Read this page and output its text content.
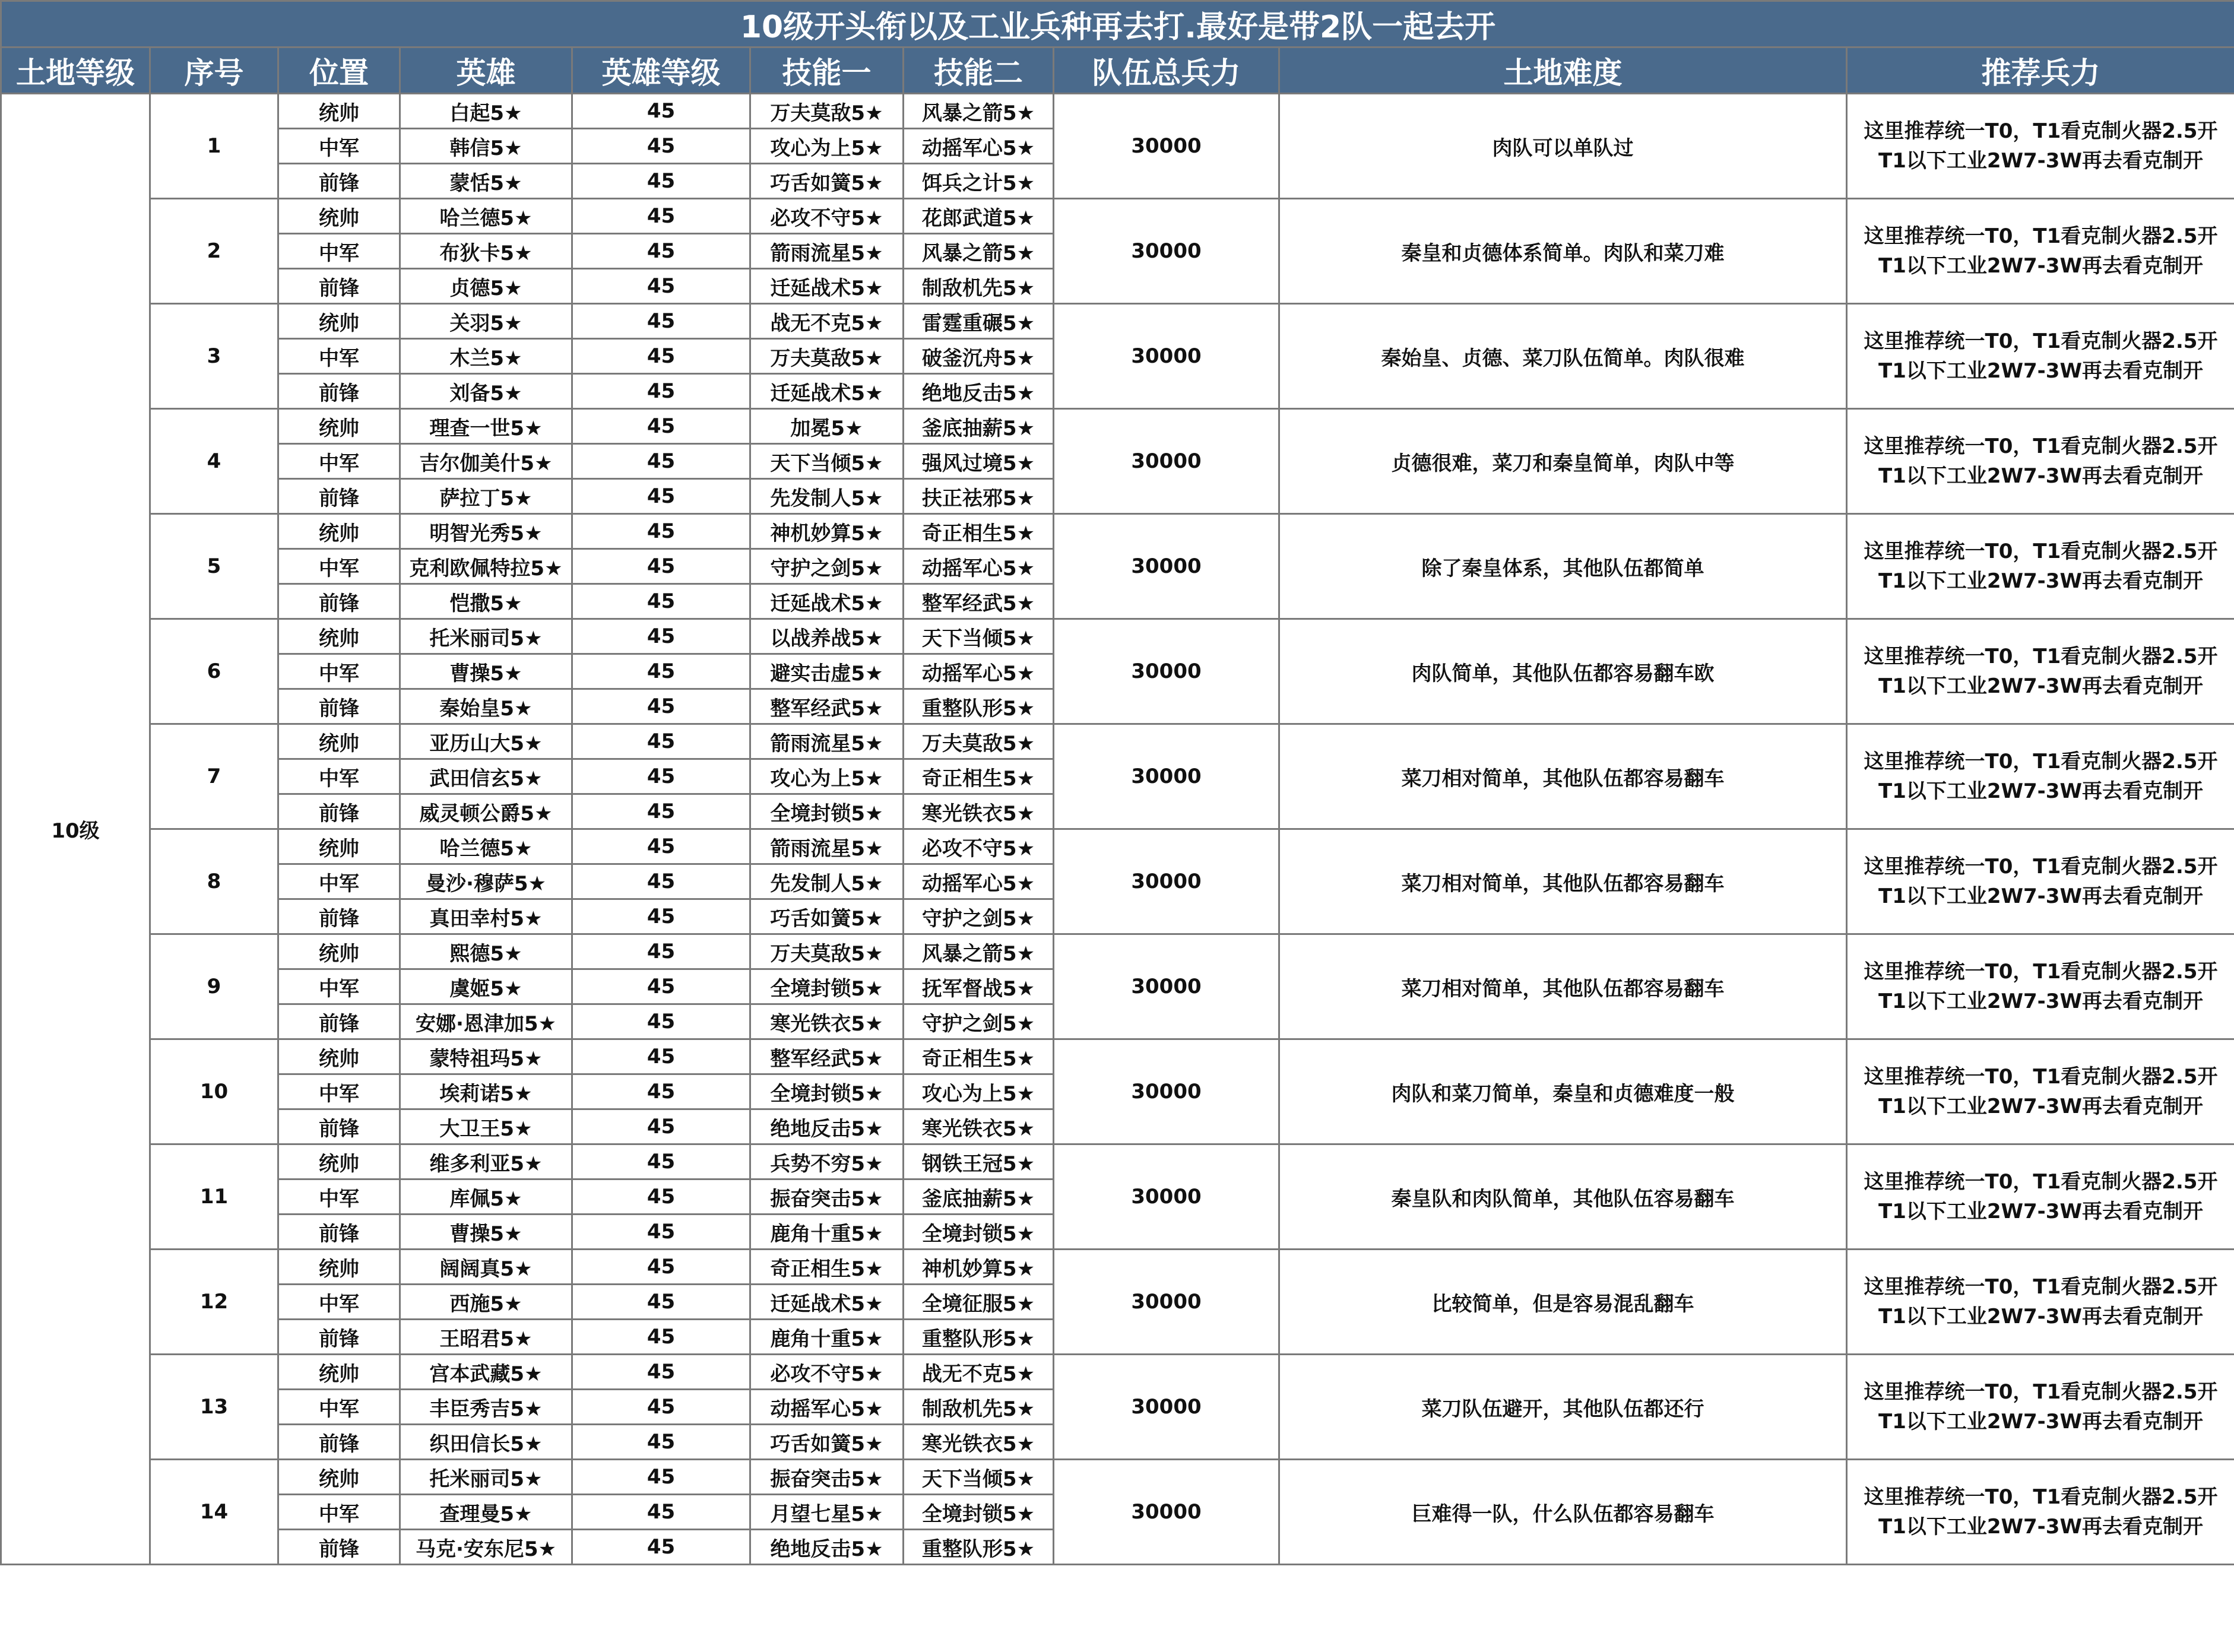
10级开头衔以及工业兵种再去打.最好是带2队一起去开									
土地等级	序号	位置	英雄	英雄等级	技能一	技能二	队伍总兵力	土地难度	推荐兵力
10级	1	统帅	白起5★	45	万夫莫敌5★	风暴之箭5★	30000	肉队可以单队过	这里推荐统一T0，T1看克制火器2.5开
T1以下工业2W7-3W再去看克制开

		中军	韩信5★	45	攻心为上5★	动摇军心5★			
		前锋	蒙恬5★	45	巧舌如簧5★	饵兵之计5★			
	2	统帅	哈兰德5★	45	必攻不守5★	花郎武道5★	30000	秦皇和贞德体系简单。肉队和菜刀难	这里推荐统一T0，T1看克制火器2.5开
T1以下工业2W7-3W再去看克制开

		中军	布狄卡5★	45	箭雨流星5★	风暴之箭5★			
		前锋	贞德5★	45	迁延战术5★	制敌机先5★			
	3	统帅	关羽5★	45	战无不克5★	雷霆重碾5★	30000	秦始皇、贞德、菜刀队伍简单。肉队很难	这里推荐统一T0，T1看克制火器2.5开
T1以下工业2W7-3W再去看克制开

		中军	木兰5★	45	万夫莫敌5★	破釜沉舟5★			
		前锋	刘备5★	45	迁延战术5★	绝地反击5★			
	4	统帅	理查一世5★	45	加冕5★	釜底抽薪5★	30000	贞德很难，菜刀和秦皇简单，肉队中等	这里推荐统一T0，T1看克制火器2.5开
T1以下工业2W7-3W再去看克制开

		中军	吉尔伽美什5★	45	天下当倾5★	强风过境5★			
		前锋	萨拉丁5★	45	先发制人5★	扶正祛邪5★			
	5	统帅	明智光秀5★	45	神机妙算5★	奇正相生5★	30000	除了秦皇体系，其他队伍都简单	这里推荐统一T0，T1看克制火器2.5开
T1以下工业2W7-3W再去看克制开

		中军	克利欧佩特拉5★	45	守护之剑5★	动摇军心5★			
		前锋	恺撒5★	45	迁延战术5★	整军经武5★			
	6	统帅	托米丽司5★	45	以战养战5★	天下当倾5★	30000	肉队简单，其他队伍都容易翻车欧	这里推荐统一T0，T1看克制火器2.5开
T1以下工业2W7-3W再去看克制开

		中军	曹操5★	45	避实击虚5★	动摇军心5★			
		前锋	秦始皇5★	45	整军经武5★	重整队形5★			
	7	统帅	亚历山大5★	45	箭雨流星5★	万夫莫敌5★	30000	菜刀相对简单，其他队伍都容易翻车	这里推荐统一T0，T1看克制火器2.5开
T1以下工业2W7-3W再去看克制开

		中军	武田信玄5★	45	攻心为上5★	奇正相生5★			
		前锋	威灵顿公爵5★	45	全境封锁5★	寒光铁衣5★			
	8	统帅	哈兰德5★	45	箭雨流星5★	必攻不守5★	30000	菜刀相对简单，其他队伍都容易翻车	这里推荐统一T0，T1看克制火器2.5开
T1以下工业2W7-3W再去看克制开

		中军	曼沙·穆萨5★	45	先发制人5★	动摇军心5★			
		前锋	真田幸村5★	45	巧舌如簧5★	守护之剑5★			
	9	统帅	熙德5★	45	万夫莫敌5★	风暴之箭5★	30000	菜刀相对简单，其他队伍都容易翻车	这里推荐统一T0，T1看克制火器2.5开
T1以下工业2W7-3W再去看克制开

		中军	虞姬5★	45	全境封锁5★	抚军督战5★			
		前锋	安娜·恩津加5★	45	寒光铁衣5★	守护之剑5★			
	10	统帅	蒙特祖玛5★	45	整军经武5★	奇正相生5★	30000	肉队和菜刀简单，秦皇和贞德难度一般	这里推荐统一T0，T1看克制火器2.5开
T1以下工业2W7-3W再去看克制开

		中军	埃莉诺5★	45	全境封锁5★	攻心为上5★			
		前锋	大卫王5★	45	绝地反击5★	寒光铁衣5★			
	11	统帅	维多利亚5★	45	兵势不穷5★	钢铁王冠5★	30000	秦皇队和肉队简单，其他队伍容易翻车	这里推荐统一T0，T1看克制火器2.5开
T1以下工业2W7-3W再去看克制开

		中军	库佩5★	45	振奋突击5★	釜底抽薪5★			
		前锋	曹操5★	45	鹿角十重5★	全境封锁5★			
	12	统帅	阔阔真5★	45	奇正相生5★	神机妙算5★	30000	比较简单，但是容易混乱翻车	这里推荐统一T0，T1看克制火器2.5开
T1以下工业2W7-3W再去看克制开

		中军	西施5★	45	迁延战术5★	全境征服5★			
		前锋	王昭君5★	45	鹿角十重5★	重整队形5★			
	13	统帅	宫本武藏5★	45	必攻不守5★	战无不克5★	30000	菜刀队伍避开，其他队伍都还行	这里推荐统一T0，T1看克制火器2.5开
T1以下工业2W7-3W再去看克制开

		中军	丰臣秀吉5★	45	动摇军心5★	制敌机先5★			
		前锋	织田信长5★	45	巧舌如簧5★	寒光铁衣5★			
	14	统帅	托米丽司5★	45	振奋突击5★	天下当倾5★	30000	巨难得一队，什么队伍都容易翻车	这里推荐统一T0，T1看克制火器2.5开
T1以下工业2W7-3W再去看克制开

		中军	查理曼5★	45	月望七星5★	全境封锁5★			
		前锋	马克·安东尼5★	45	绝地反击5★	重整队形5★			
